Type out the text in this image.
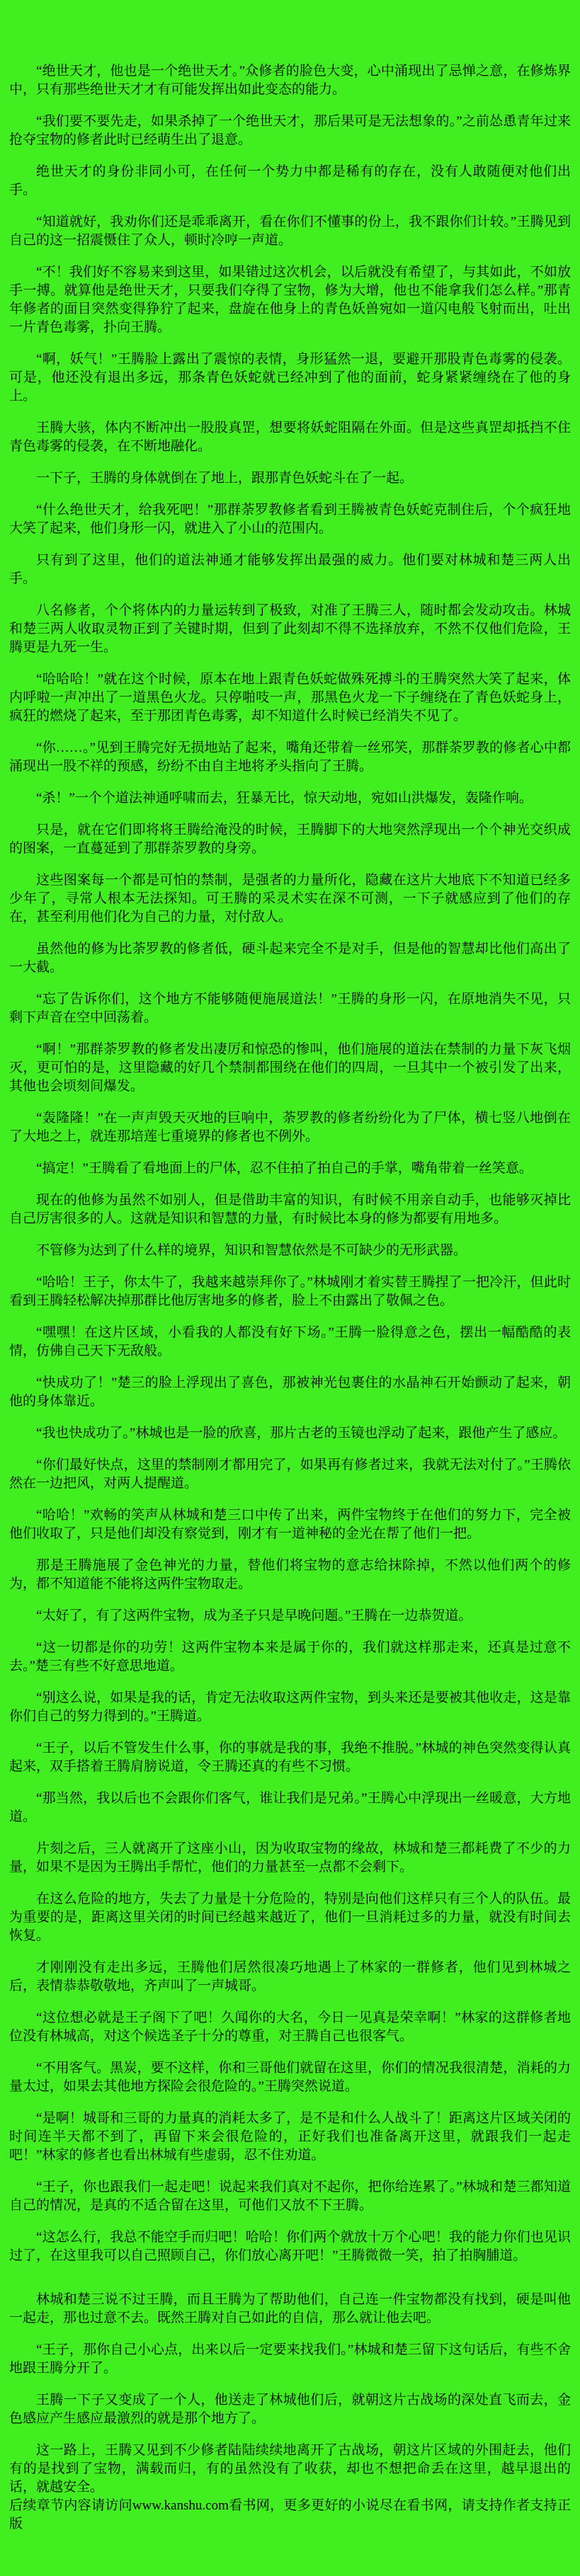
“绝世天才，他也是一个绝世天才。”众修者的脸色大变，心中涌现出了忌惮之意，在修炼界中，只有那些绝世天才才有可能发挥出如此变态的能力。

“我们要不要先走，如果杀掉了一个绝世天才，那后果可是无法想象的。”之前怂恿青年过来抢夺宝物的修者此时已经萌生出了退意。

绝世天才的身份非同小可，在任何一个势力中都是稀有的存在，没有人敢随便对他们出手。

“知道就好，我劝你们还是乖乖离开，看在你们不懂事的份上，我不跟你们计较。”王腾见到自己的这一招震慑住了众人，顿时冷哼一声道。

“不！我们好不容易来到这里，如果错过这次机会，以后就没有希望了，与其如此，不如放手一搏。就算他是绝世天才，只要我们夺得了宝物，修为大增，他也不能拿我们怎么样。”那青年修者的面目突然变得狰狞了起来，盘旋在他身上的青色妖兽宛如一道闪电般飞射而出，吐出一片青色毒雾，扑向王腾。

“啊，妖气！”王腾脸上露出了震惊的表情，身形猛然一退，要避开那股青色毒雾的侵袭。可是，他还没有退出多远，那条青色妖蛇就已经冲到了他的面前，蛇身紧紧缠绕在了他的身上。

王腾大骇，体内不断冲出一股股真罡，想要将妖蛇阻隔在外面。但是这些真罡却抵挡不住青色毒雾的侵袭，在不断地融化。

一下子，王腾的身体就倒在了地上，跟那青色妖蛇斗在了一起。

“什么绝世天才，给我死吧！”那群荼罗教修者看到王腾被青色妖蛇克制住后，个个疯狂地大笑了起来，他们身形一闪，就进入了小山的范围内。

只有到了这里，他们的道法神通才能够发挥出最强的威力。他们要对林城和楚三两人出手。

八名修者，个个将体内的力量运转到了极致，对准了王腾三人，随时都会发动攻击。林城和楚三两人收取灵物正到了关键时期，但到了此刻却不得不选择放弃，不然不仅他们危险，王腾更是九死一生。

“哈哈哈！”就在这个时候，原本在地上跟青色妖蛇做殊死搏斗的王腾突然大笑了起来，体内呼啦一声冲出了一道黑色火龙。只停啪吱一声，那黑色火龙一下子缠绕在了青色妖蛇身上，疯狂的燃烧了起来，至于那团青色毒雾，却不知道什么时候已经消失不见了。

“你……。”见到王腾完好无损地站了起来，嘴角还带着一丝邪笑，那群荼罗教的修者心中都涌现出一股不祥的预感，纷纷不由自主地将矛头指向了王腾。

“杀！”一个个道法神通呼啸而去，狂暴无比，惊天动地，宛如山洪爆发，轰隆作响。

只是，就在它们即将将王腾给淹没的时候，王腾脚下的大地突然浮现出一个个神光交织成的图案，一直蔓延到了那群荼罗教的身旁。

这些图案每一个都是可怕的禁制，是强者的力量所化，隐藏在这片大地底下不知道已经多少年了，寻常人根本无法探知。可王腾的采灵术实在深不可测，一下子就感应到了他们的存在，甚至利用他们化为自己的力量，对付敌人。

虽然他的修为比荼罗教的修者低，硬斗起来完全不是对手，但是他的智慧却比他们高出了一大截。

“忘了告诉你们，这个地方不能够随便施展道法！”王腾的身形一闪，在原地消失不见，只剩下声音在空中回荡着。

“啊！”那群荼罗教的修者发出凄厉和惊恐的惨叫，他们施展的道法在禁制的力量下灰飞烟灭，更可怕的是，这里隐藏的好几个禁制都围绕在他们的四周，一旦其中一个被引发了出来，其他也会顷刻间爆发。

“轰隆隆！”在一声声毁天灭地的巨响中，荼罗教的修者纷纷化为了尸体，横七竖八地倒在了大地之上，就连那培莲七重境界的修者也不例外。

“搞定！”王腾看了看地面上的尸体，忍不住拍了拍自己的手掌，嘴角带着一丝笑意。

现在的他修为虽然不如别人，但是借助丰富的知识，有时候不用亲自动手，也能够灭掉比自己厉害很多的人。这就是知识和智慧的力量，有时候比本身的修为都要有用地多。

不管修为达到了什么样的境界，知识和智慧依然是不可缺少的无形武器。

“哈哈！王子，你太牛了，我越来越崇拜你了。”林城刚才着实替王腾捏了一把冷汗，但此时看到王腾轻松解决掉那群比他厉害地多的修者，脸上不由露出了敬佩之色。

“嘿嘿！在这片区域，小看我的人都没有好下场。”王腾一脸得意之色，摆出一幅酷酷的表情，仿佛自己天下无敌般。

“快成功了！”楚三的脸上浮现出了喜色，那被神光包裹住的水晶神石开始颤动了起来，朝他的身体靠近。

“我也快成功了。”林城也是一脸的欣喜，那片古老的玉镜也浮动了起来，跟他产生了感应。

“你们最好快点，这里的禁制刚才都用完了，如果再有修者过来，我就无法对付了。”王腾依然在一边把风，对两人提醒道。

“哈哈！”欢畅的笑声从林城和楚三口中传了出来，两件宝物终于在他们的努力下，完全被他们收取了，只是他们却没有察觉到，刚才有一道神秘的金光在帮了他们一把。

那是王腾施展了金色神光的力量，替他们将宝物的意志给抹除掉，不然以他们两个的修为，都不知道能不能将这两件宝物取走。

“太好了，有了这两件宝物，成为圣子只是早晚问题。”王腾在一边恭贺道。

“这一切都是你的功劳！这两件宝物本来是属于你的，我们就这样那走来，还真是过意不去。”楚三有些不好意思地道。

“别这么说，如果是我的话，肯定无法收取这两件宝物，到头来还是要被其他收走，这是靠你们自己的努力得到的。”王腾道。

“王子，以后不管发生什么事，你的事就是我的事，我绝不推脱。”林城的神色突然变得认真起来，双手搭着王腾肩膀说道，令王腾还真的有些不习惯。

“那当然，我以后也不会跟你们客气，谁让我们是兄弟。”王腾心中浮现出一丝暖意，大方地道。

片刻之后，三人就离开了这座小山，因为收取宝物的缘故，林城和楚三都耗费了不少的力量，如果不是因为王腾出手帮忙，他们的力量甚至一点都不会剩下。

在这么危险的地方，失去了力量是十分危险的，特别是向他们这样只有三个人的队伍。最为重要的是，距离这里关闭的时间已经越来越近了，他们一旦消耗过多的力量，就没有时间去恢复。

才刚刚没有走出多远，王腾他们居然很凑巧地遇上了林家的一群修者，他们见到林城之后，表情恭恭敬敬地，齐声叫了一声城哥。

“这位想必就是王子阁下了吧！久闻你的大名，今日一见真是荣幸啊！”林家的这群修者地位没有林城高，对这个候选圣子十分的尊重，对王腾自己也很客气。

“不用客气。黑炭，要不这样，你和三哥他们就留在这里，你们的情况我很清楚，消耗的力量太过，如果去其他地方探险会很危险的。”王腾突然说道。

“是啊！城哥和三哥的力量真的消耗太多了，是不是和什么人战斗了！距离这片区域关闭的时间连半天都不到了，再留下来会很危险的，正好我们也准备离开这里，就跟我们一起走吧！”林家的修者也看出林城有些虚弱，忍不住劝道。

“王子，你也跟我们一起走吧！说起来我们真对不起你，把你给连累了。”林城和楚三都知道自己的情况，是真的不适合留在这里，可他们又放不下王腾。

“这怎么行，我总不能空手而归吧！哈哈！你们两个就放十万个心吧！我的能力你们也见识过了，在这里我可以自己照顾自己，你们放心离开吧！”王腾微微一笑，拍了拍胸脯道。

林城和楚三说不过王腾，而且王腾为了帮助他们，自己连一件宝物都没有找到，硬是叫他一起走，那也过意不去。既然王腾对自己如此的自信，那么就让他去吧。

“王子，那你自己小心点，出来以后一定要来找我们。”林城和楚三留下这句话后，有些不舍地跟王腾分开了。

王腾一下子又变成了一个人，他送走了林城他们后，就朝这片古战场的深处直飞而去，金色感应产生感应最激烈的就是那个地方了。

这一路上，王腾又见到不少修者陆陆续续地离开了古战场，朝这片区域的外围赶去，他们有的是找到了宝物，满载而归，有的虽然没有了收获，却也不想把命丢在这里，越早退出的话，就越安全。

后续章节内容请访问www.kanshu.com看书网，更多更好的小说尽在看书网，请支持作者支持正版
